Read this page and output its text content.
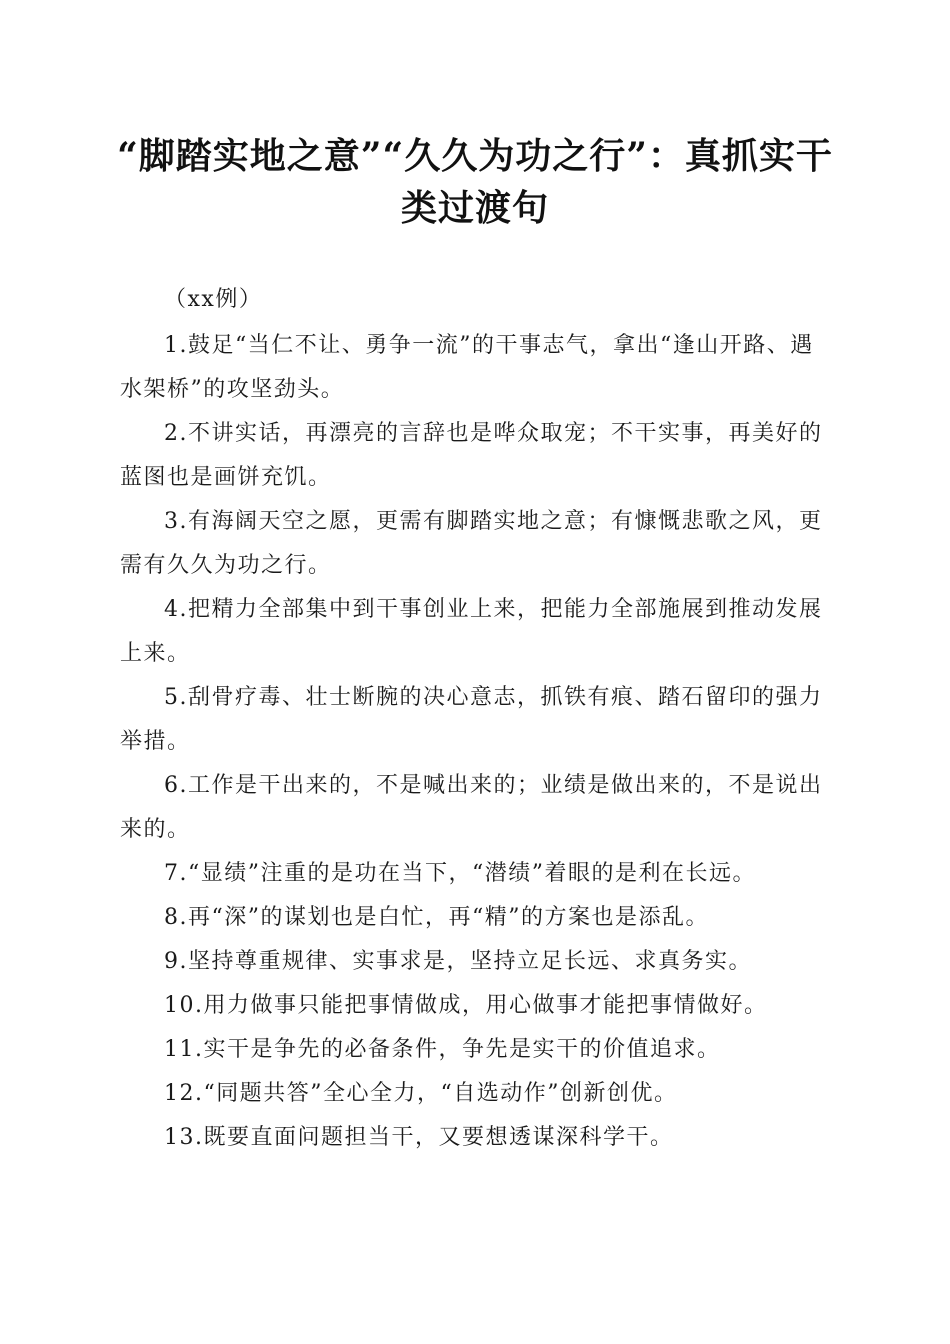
“脚踏实地之意”“久久为功之行”：真抓实干类过渡句

（xx例）

1.鼓足“当仁不让、勇争一流”的干事志气，拿出“逢山开路、遇水架桥”的攻坚劲头。

2.不讲实话，再漂亮的言辞也是哗众取宠；不干实事，再美好的蓝图也是画饼充饥。

3.有海阔天空之愿，更需有脚踏实地之意；有慷慨悲歌之风，更需有久久为功之行。

4.把精力全部集中到干事创业上来，把能力全部施展到推动发展上来。

5.刮骨疗毒、壮士断腕的决心意志，抓铁有痕、踏石留印的强力举措。

6.工作是干出来的，不是喊出来的；业绩是做出来的，不是说出来的。

7.“显绩”注重的是功在当下，“潜绩”着眼的是利在长远。

8.再“深”的谋划也是白忙，再“精”的方案也是添乱。

9.坚持尊重规律、实事求是，坚持立足长远、求真务实。

10.用力做事只能把事情做成，用心做事才能把事情做好。

11.实干是争先的必备条件，争先是实干的价值追求。

12.“同题共答”全心全力，“自选动作”创新创优。

13.既要直面问题担当干，又要想透谋深科学干。
